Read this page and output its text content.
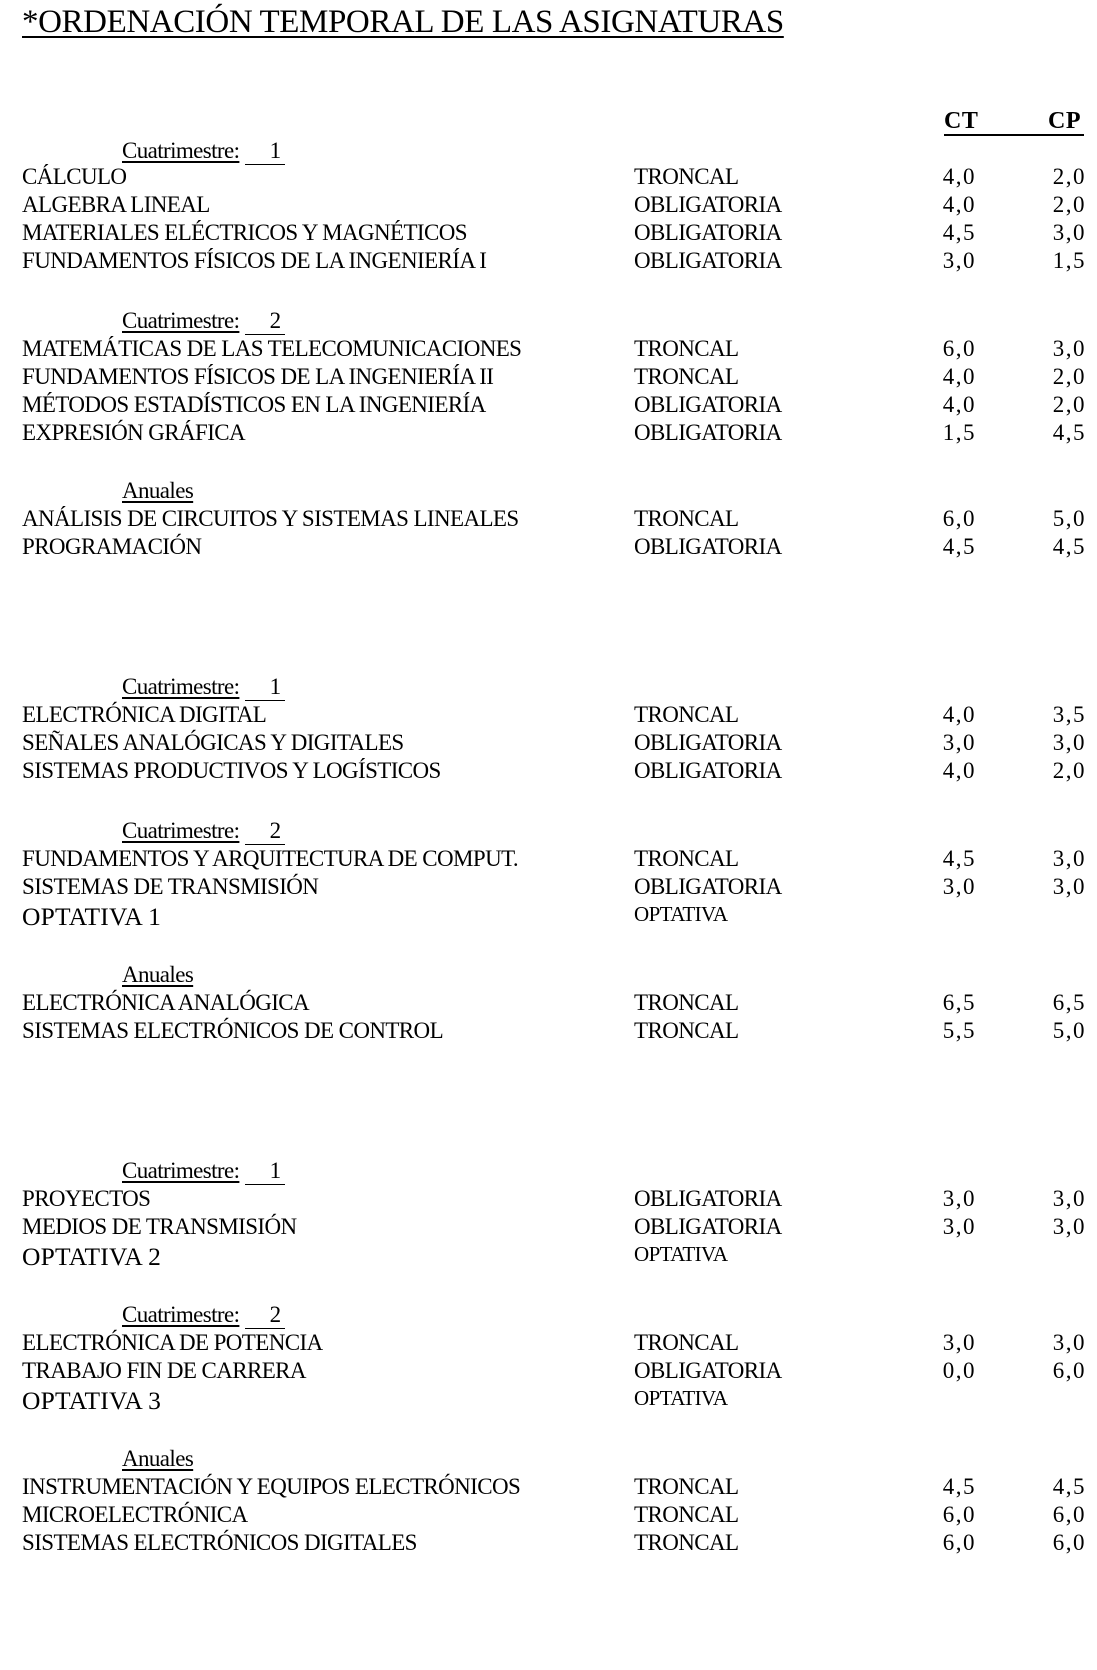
*ORDENACIÓN TEMPORAL DE LAS ASIGNATURAS
CT	CP
Cuatrimestre: 1
CÁLCULO	TRONCAL	4,0	2,0
ALGEBRA LINEAL	OBLIGATORIA	4,0	2,0
MATERIALES ELÉCTRICOS Y MAGNÉTICOS	OBLIGATORIA	4,5	3,0
FUNDAMENTOS FÍSICOS DE LA INGENIERÍA I	OBLIGATORIA	3,0	1,5
Cuatrimestre: 2
MATEMÁTICAS DE LAS TELECOMUNICACIONES	TRONCAL	6,0	3,0
FUNDAMENTOS FÍSICOS DE LA INGENIERÍA II	TRONCAL	4,0	2,0
MÉTODOS ESTADÍSTICOS EN LA INGENIERÍA	OBLIGATORIA	4,0	2,0
EXPRESIÓN GRÁFICA	OBLIGATORIA	1,5	4,5
Anuales
ANÁLISIS DE CIRCUITOS Y SISTEMAS LINEALES	TRONCAL	6,0	5,0
PROGRAMACIÓN	OBLIGATORIA	4,5	4,5
Cuatrimestre: 1
ELECTRÓNICA DIGITAL	TRONCAL	4,0	3,5
SEÑALES ANALÓGICAS Y DIGITALES	OBLIGATORIA	3,0	3,0
SISTEMAS PRODUCTIVOS Y LOGÍSTICOS	OBLIGATORIA	4,0	2,0
Cuatrimestre: 2
FUNDAMENTOS Y ARQUITECTURA DE COMPUT.	TRONCAL	4,5	3,0
SISTEMAS DE TRANSMISIÓN	OBLIGATORIA	3,0	3,0
OPTATIVA 1	OPTATIVA
Anuales
ELECTRÓNICA ANALÓGICA	TRONCAL	6,5	6,5
SISTEMAS ELECTRÓNICOS DE CONTROL	TRONCAL	5,5	5,0
Cuatrimestre: 1
PROYECTOS	OBLIGATORIA	3,0	3,0
MEDIOS DE TRANSMISIÓN	OBLIGATORIA	3,0	3,0
OPTATIVA 2	OPTATIVA
Cuatrimestre: 2
ELECTRÓNICA DE POTENCIA	TRONCAL	3,0	3,0
TRABAJO FIN DE CARRERA	OBLIGATORIA	0,0	6,0
OPTATIVA 3	OPTATIVA
Anuales
INSTRUMENTACIÓN Y EQUIPOS ELECTRÓNICOS	TRONCAL	4,5	4,5
MICROELECTRÓNICA	TRONCAL	6,0	6,0
SISTEMAS ELECTRÓNICOS DIGITALES	TRONCAL	6,0	6,0
